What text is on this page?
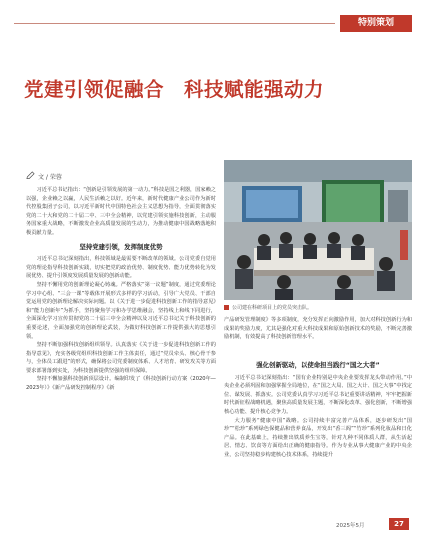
特别策划
党建引领促融合　科技赋能强动力
文 / 荣蓉
公司建在科研项目上的党员突击队。

习近平总书记指出：“创新是引领发展的第一动力。”科技是国之利器，国家赖之以强，企业赖之以赢，人民生活赖之以好。近年来，新时代健康产业公司作为新时代控股集团子公司，以习近平新时代中国特色社会主义思想为指导，全面贯彻落实党的二十大和党的二十届二中、三中全会精神，以党建引领实施科技创新，主动服务国家重大战略，不断激发企业高质量发展的生动力，为推动健康中国战略落地积极贡献力量。

坚持党建引领，发挥制度优势

习近平总书记深刻指出，科技领域是最需要不断改革的领域。公司党委自觉用党的理论指导科技创新实践，切实把党的政治优势、制度优势、能力优势转化为发展优势、提升引领度发展质量发展的创新动能。

坚持不懈用党的创新理论凝心铸魂。严格落实“第一议题”制度，通过党委理论学习中心组、“三会一课”等载体开展形式多样的学习活动，引导广大党员、干部自觉运用党的创新理论解决实际问题。以《关于进一步促进科技创新工作的指导意见》和“能力创新年”为抓手，坚持聚焦学习和办学思维融会，坚持线上和线下同进行，全面深化学习宣传贯彻党的二十届三中全会精神以及习近平总书记关于科技创新的重要论述，全面加强党的创新理论武装，为做好科技创新工作提供强大的思想引领。

坚持不断加强科技创新组织领导。认真落实《关于进一步促进科技创新工作的指导意见》，充实各级党组织科技创新工作主体责任，通过“党员牵头、核心骨干参与，全体员工跟进”的形式，确保将公司党委制度体系、人才培育、研发攻关等方面要求部署落到实处，为科技创新提供坚强的组织保障。

坚持不懈加强科技创新顶层设计。编制印发了《科技创新行动方案（2020年—2023年）》《新产品研发控制程序》《新

产品研发管理制度》等多项制度，充分发挥正向激励作用，加大对科技创新行为和成果的奖励力度，尤其是强化对重大科技成果和原始创新技术的奖励，不断完善激励机制，有效提高了科技创新管理水平。

强化创新驱动，以使命担当践行“国之大者”

习近平总书记深刻指出：“国有企业特别是中央企业要发挥龙头带动作用。”中央企业必须巩固和加强掌握全局地位，在“国之大局、国之大计、国之大事”中找定位、谋发展、抓落实。公司党委认真学习习近平总书记重要讲话精神，牢牢把握新时代新征程战略机遇，聚焦高质量发展主题，不断深化改革、强化创新，不断增强核心功能、提升核心竞争力。

大力服务“健康中国”战略。公司持续丰富完善产品体系，逐步研发出“国珍”“松珍”系列绿色保健品和营养食品，开发出“香三阁”“竹珍”系列化妆品和日化产品。在此基础上，持续推出铁质养生宝等，针对九种不同体质人群，从生活起居、情志、饮食等方面给出正确的健康指导。作为专业从事大健康产业的中央企业，公司坚持稳步构建核心技术体系，持续提升

2025年5月	27
